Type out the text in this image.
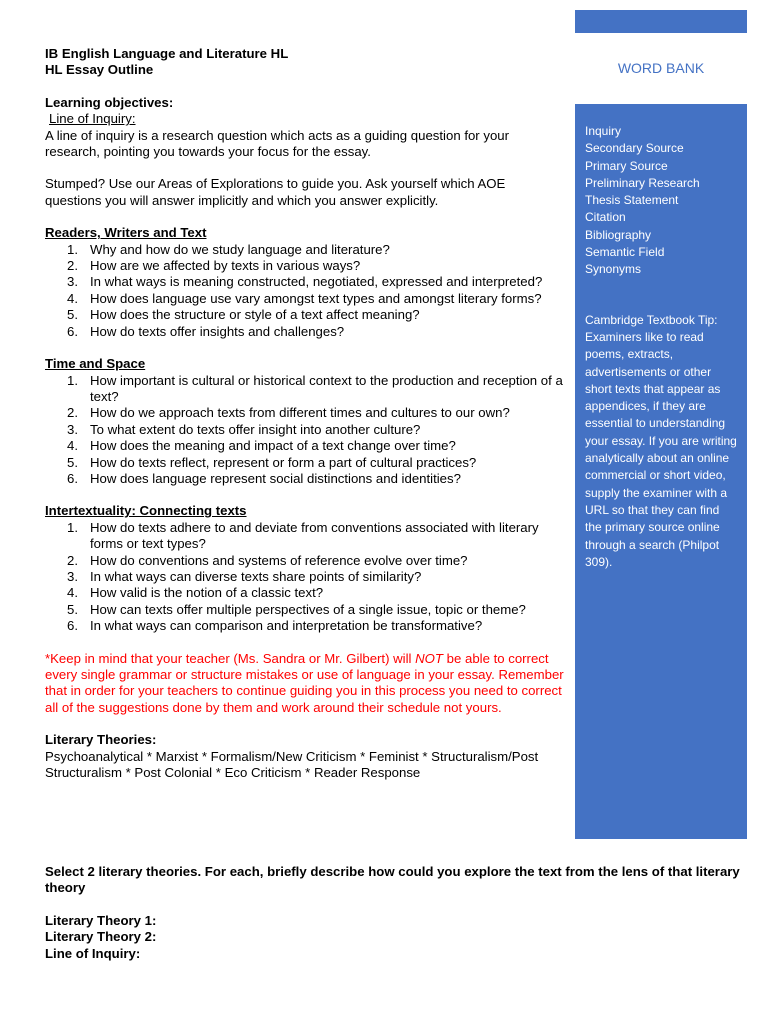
IB English Language and Literature HL
HL Essay Outline
Learning objectives:
Line of Inquiry:
A line of inquiry is a research question which acts as a guiding question for your research, pointing you towards your focus for the essay.
Stumped? Use our Areas of Explorations to guide you. Ask yourself which AOE questions you will answer implicitly and which you answer explicitly.
Readers, Writers and Text
1. Why and how do we study language and literature?
2. How are we affected by texts in various ways?
3. In what ways is meaning constructed, negotiated, expressed and interpreted?
4. How does language use vary amongst text types and amongst literary forms?
5. How does the structure or style of a text affect meaning?
6. How do texts offer insights and challenges?
Time and Space
1. How important is cultural or historical context to the production and reception of a text?
2. How do we approach texts from different times and cultures to our own?
3. To what extent do texts offer insight into another culture?
4. How does the meaning and impact of a text change over time?
5. How do texts reflect, represent or form a part of cultural practices?
6. How does language represent social distinctions and identities?
Intertextuality: Connecting texts
1. How do texts adhere to and deviate from conventions associated with literary forms or text types?
2. How do conventions and systems of reference evolve over time?
3. In what ways can diverse texts share points of similarity?
4. How valid is the notion of a classic text?
5. How can texts offer multiple perspectives of a single issue, topic or theme?
6. In what ways can comparison and interpretation be transformative?
*Keep in mind that your teacher (Ms. Sandra or Mr. Gilbert) will NOT be able to correct every single grammar or structure mistakes or use of language in your essay. Remember that in order for your teachers to continue guiding you in this process you need to correct all of the suggestions done by them and work around their schedule not yours.
Literary Theories:
Psychoanalytical * Marxist * Formalism/New Criticism * Feminist * Structuralism/Post Structuralism * Post Colonial * Eco Criticism * Reader Response
Select 2 literary theories. For each, briefly describe how could you explore the text from the lens of that literary theory
Literary Theory 1:
Literary Theory 2:
Line of Inquiry:
WORD BANK
Inquiry
Secondary Source
Primary Source
Preliminary Research
Thesis Statement
Citation
Bibliography
Semantic Field
Synonyms
Cambridge Textbook Tip: Examiners like to read poems, extracts, advertisements or other short texts that appear as appendices, if they are essential to understanding your essay. If you are writing analytically about an online commercial or short video, supply the examiner with a URL so that they can find the primary source online through a search (Philpot 309).
